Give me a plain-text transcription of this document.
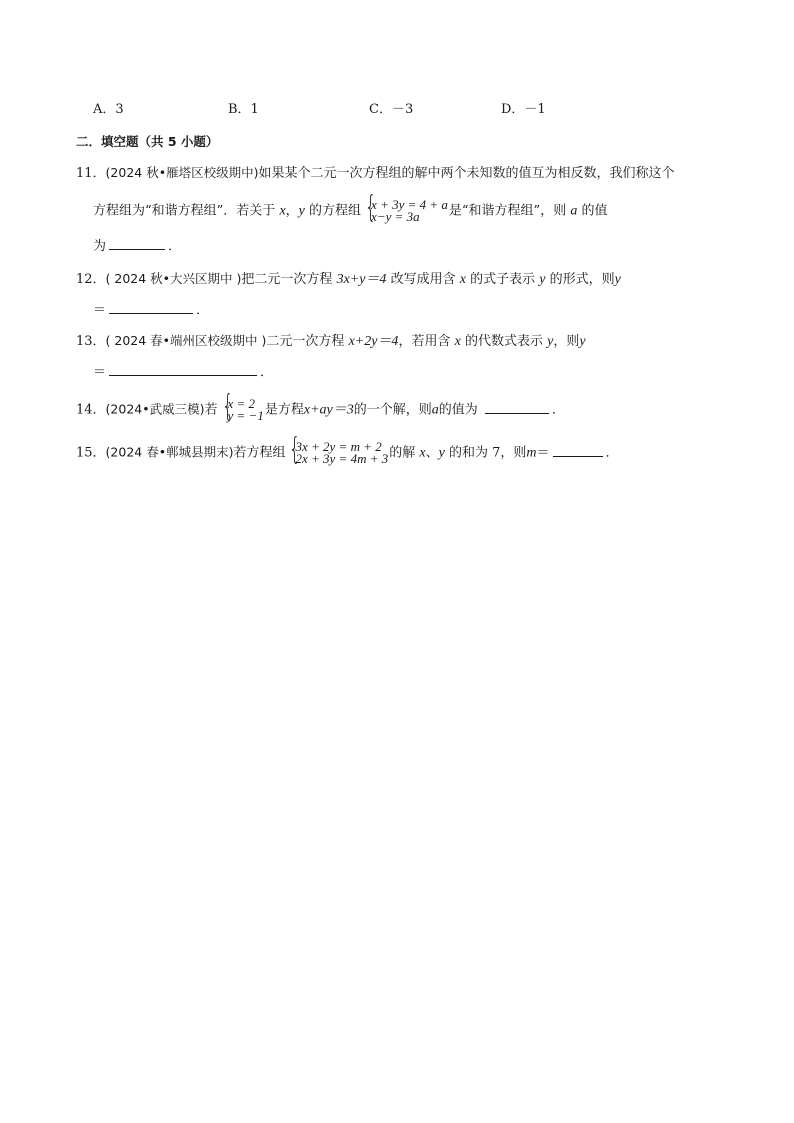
A．3	B．1	C．－3	D．－1
二．填空题（共 5 小题）
11．(2024 秋•雁塔区校级期中)如果某个二元一次方程组的解中两个未知数的值互为相反数，我们称这个
方程组为“和谐方程组”．若关于 x，y 的方程组 {
x + 3y = 4 + a
x−y = 3a	是“和谐方程组”，则 a 的值
为	．
12．( 2024 秋•大兴区期中 )把二元一次方程 3x+y＝4 改写成用含 x 的式子表示 y 的形式，则y
＝	．
13．( 2024 春•端州区校级期中 )二元一次方程 x+2y＝4，若用含 x 的代数式表示 y，则y
＝	．
14．(2024•武威三模)若 {
x = 2
y = −1 是方程x+ay＝3的一个解，则a的值为	．
15．(2024 春•郸城县期末)若方程组 {
3x + 2y = m + 2
2x + 3y = 4m + 3 的解 x、y 的和为 7，则m＝	．
